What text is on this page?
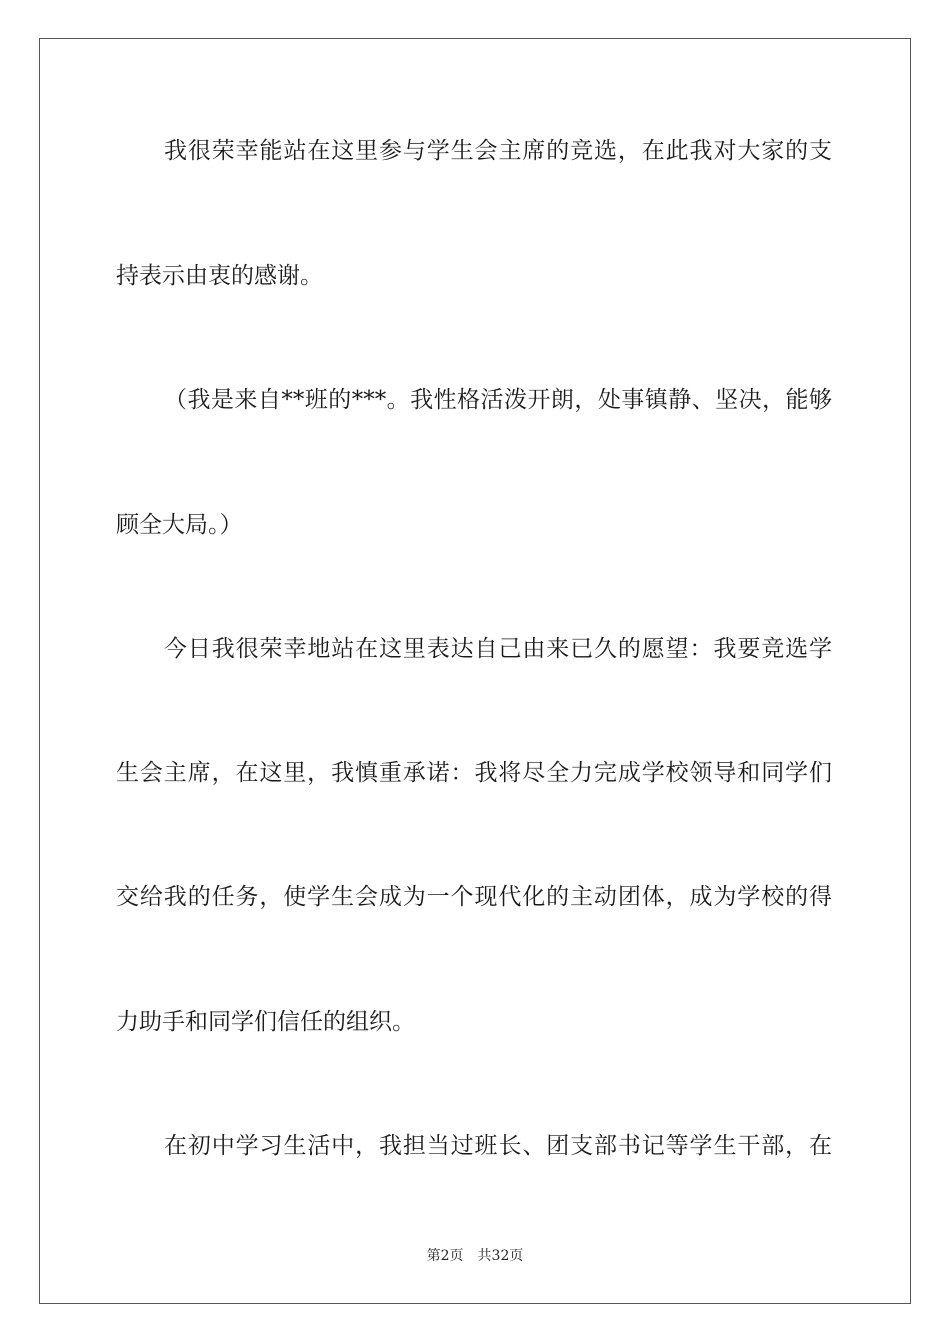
我很荣幸能站在这里参与学生会主席的竞选，在此我对大家的支
持表示由衷的感谢。
（我是来自**班的***。我性格活泼开朗，处事镇静、坚决，能够
顾全大局。）
今日我很荣幸地站在这里表达自己由来已久的愿望：我要竞选学
生会主席，在这里，我慎重承诺：我将尽全力完成学校领导和同学们
交给我的任务，使学生会成为一个现代化的主动团体，成为学校的得
力助手和同学们信任的组织。
在初中学习生活中，我担当过班长、团支部书记等学生干部，在
第2页 共32页
